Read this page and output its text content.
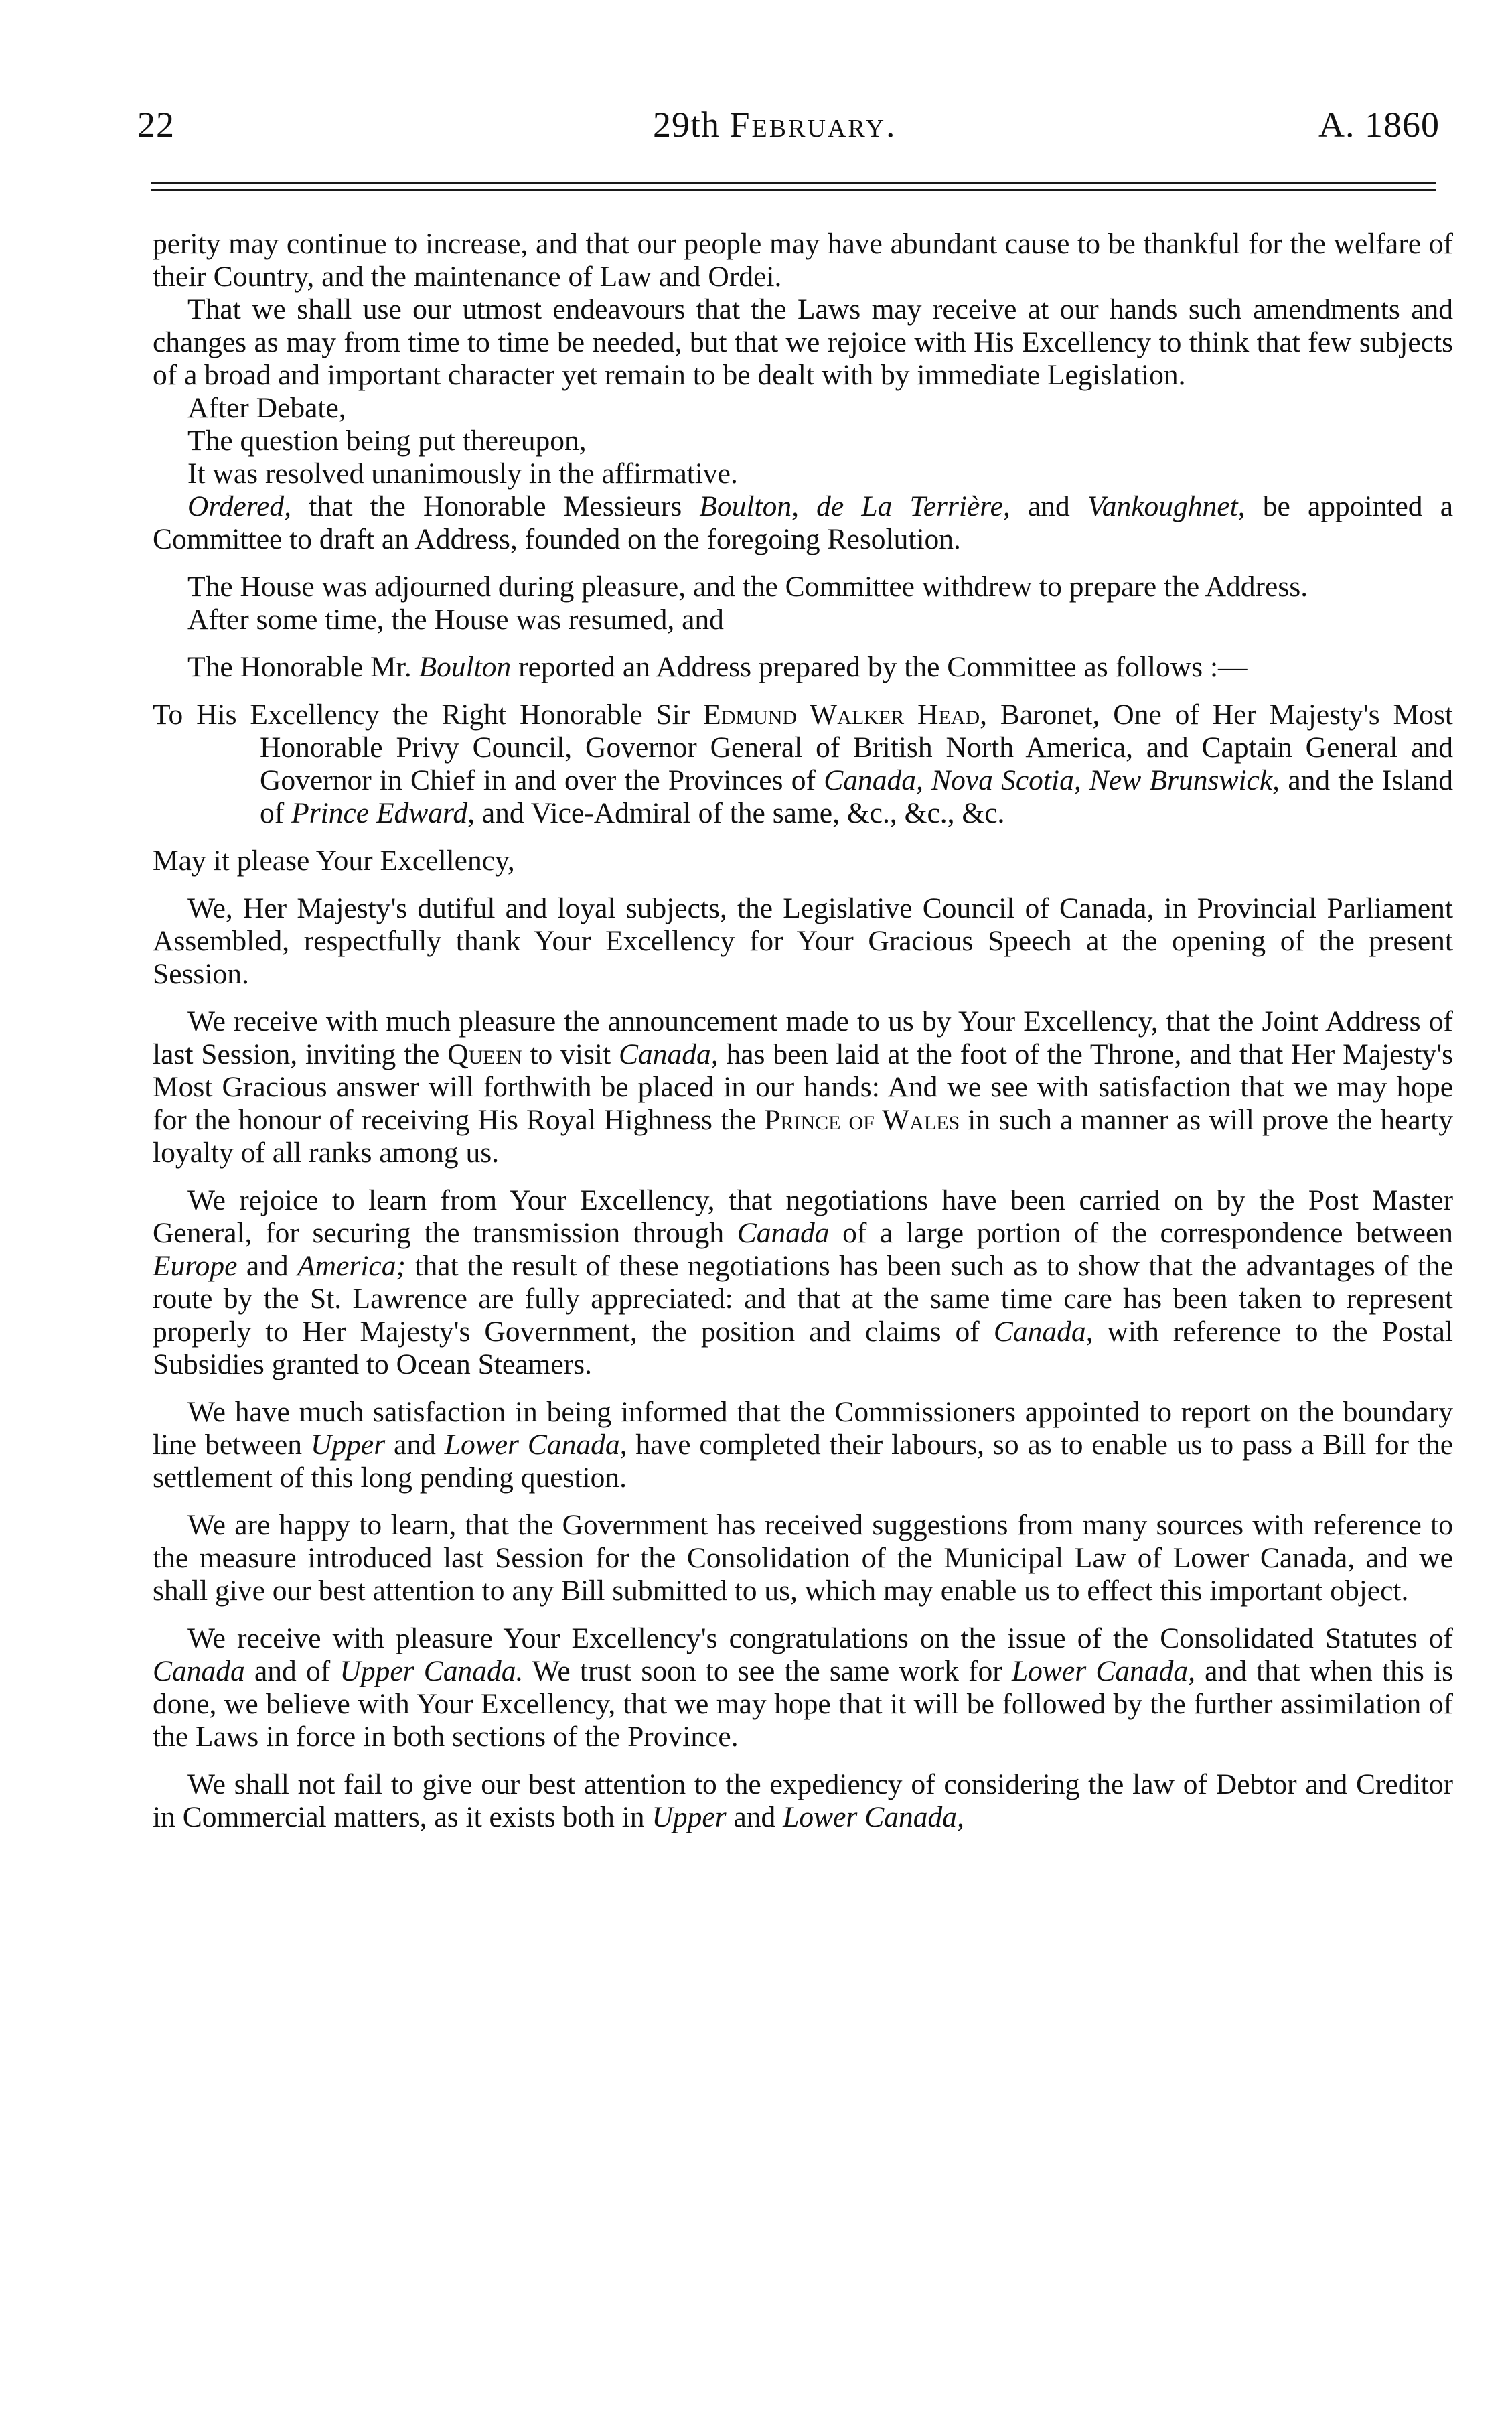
22	29th February.	A. 1860

perity may continue to increase, and that our people may have abundant cause to be thankful for the welfare of their Country, and the maintenance of Law and Ordei.

That we shall use our utmost endeavours that the Laws may receive at our hands such amendments and changes as may from time to time be needed, but that we rejoice with His Excellency to think that few subjects of a broad and important character yet remain to be dealt with by immediate Legislation.

After Debate,

The question being put thereupon,

It was resolved unanimously in the affirmative.

Ordered, that the Honorable Messieurs Boulton, de La Terrière, and Vankoughnet, be appointed a Committee to draft an Address, founded on the foregoing Resolution.

The House was adjourned during pleasure, and the Committee withdrew to prepare the Address.

After some time, the House was resumed, and

The Honorable Mr. Boulton reported an Address prepared by the Committee as follows :—

To His Excellency the Right Honorable Sir Edmund Walker Head, Baronet, One of Her Majesty's Most Honorable Privy Council, Governor General of British North America, and Captain General and Governor in Chief in and over the Provinces of Canada, Nova Scotia, New Brunswick, and the Island of Prince Edward, and Vice-Admiral of the same, &c., &c., &c.

May it please Your Excellency,

We, Her Majesty's dutiful and loyal subjects, the Legislative Council of Canada, in Provincial Parliament Assembled, respectfully thank Your Excellency for Your Gracious Speech at the opening of the present Session.

We receive with much pleasure the announcement made to us by Your Excellency, that the Joint Address of last Session, inviting the Queen to visit Canada, has been laid at the foot of the Throne, and that Her Majesty's Most Gracious answer will forthwith be placed in our hands: And we see with satisfaction that we may hope for the honour of receiving His Royal Highness the Prince of Wales in such a manner as will prove the hearty loyalty of all ranks among us.

We rejoice to learn from Your Excellency, that negotiations have been carried on by the Post Master General, for securing the transmission through Canada of a large portion of the correspondence between Europe and America; that the result of these negotiations has been such as to show that the advantages of the route by the St. Lawrence are fully appreciated: and that at the same time care has been taken to represent properly to Her Majesty's Government, the position and claims of Canada, with reference to the Postal Subsidies granted to Ocean Steamers.

We have much satisfaction in being informed that the Commissioners appointed to report on the boundary line between Upper and Lower Canada, have completed their labours, so as to enable us to pass a Bill for the settlement of this long pending question.

We are happy to learn, that the Government has received suggestions from many sources with reference to the measure introduced last Session for the Consolidation of the Municipal Law of Lower Canada, and we shall give our best attention to any Bill submitted to us, which may enable us to effect this important object.

We receive with pleasure Your Excellency's congratulations on the issue of the Consolidated Statutes of Canada and of Upper Canada. We trust soon to see the same work for Lower Canada, and that when this is done, we believe with Your Excellency, that we may hope that it will be followed by the further assimilation of the Laws in force in both sections of the Province.

We shall not fail to give our best attention to the expediency of considering the law of Debtor and Creditor in Commercial matters, as it exists both in Upper and Lower Canada,
